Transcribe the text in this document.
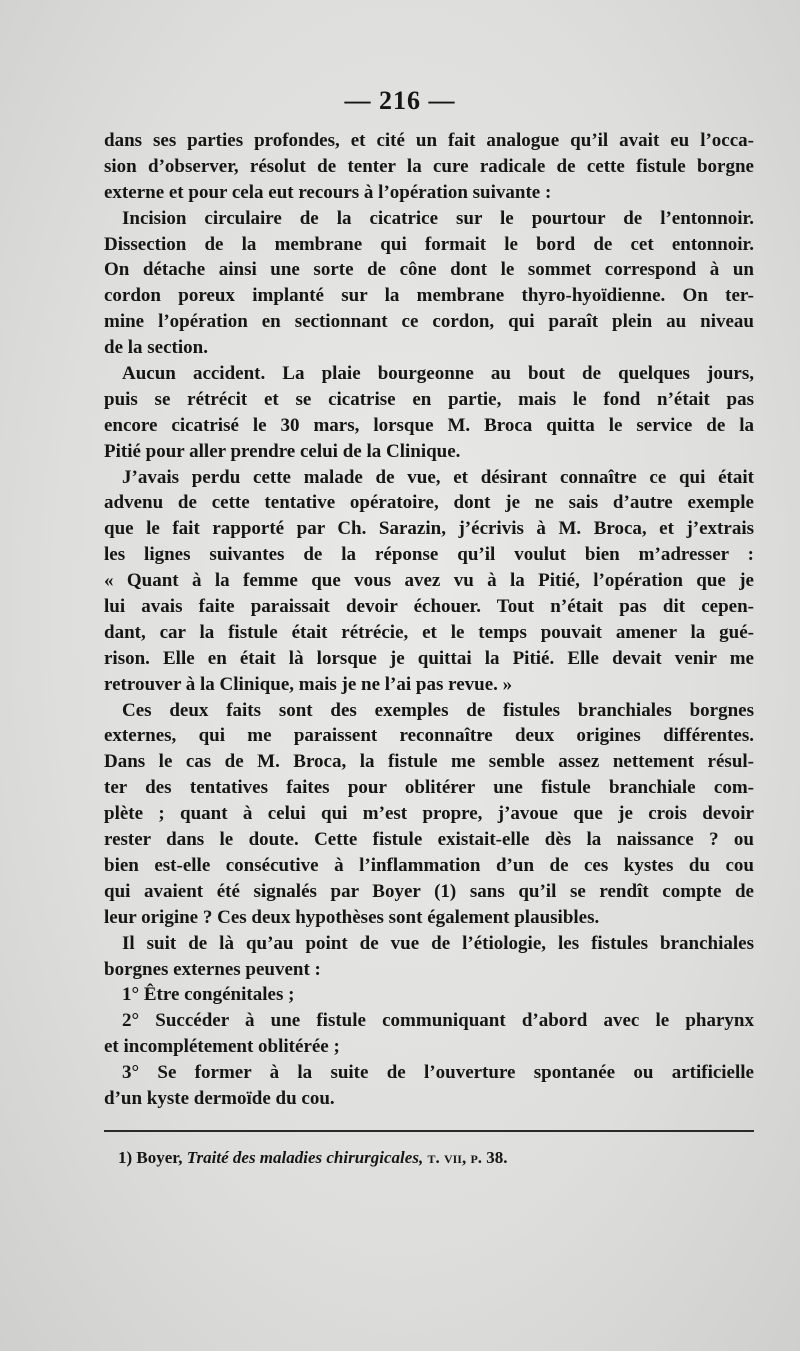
— 216 —
dans ses parties profondes, et cité un fait analogue qu’il avait eu l’occa-
sion d’observer, résolut de tenter la cure radicale de cette fistule borgne
externe et pour cela eut recours à l’opération suivante :
Incision circulaire de la cicatrice sur le pourtour de l’entonnoir.
Dissection de la membrane qui formait le bord de cet entonnoir.
On détache ainsi une sorte de cône dont le sommet correspond à un
cordon poreux implanté sur la membrane thyro-hyoïdienne. On ter-
mine l’opération en sectionnant ce cordon, qui paraît plein au niveau
de la section.
Aucun accident. La plaie bourgeonne au bout de quelques jours,
puis se rétrécit et se cicatrise en partie, mais le fond n’était pas
encore cicatrisé le 30 mars, lorsque M. Broca quitta le service de la
Pitié pour aller prendre celui de la Clinique.
J’avais perdu cette malade de vue, et désirant connaître ce qui était
advenu de cette tentative opératoire, dont je ne sais d’autre exemple
que le fait rapporté par Ch. Sarazin, j’écrivis à M. Broca, et j’extrais
les lignes suivantes de la réponse qu’il voulut bien m’adresser :
« Quant à la femme que vous avez vu à la Pitié, l’opération que je
lui avais faite paraissait devoir échouer. Tout n’était pas dit cepen-
dant, car la fistule était rétrécie, et le temps pouvait amener la gué-
rison. Elle en était là lorsque je quittai la Pitié. Elle devait venir me
retrouver à la Clinique, mais je ne l’ai pas revue. »
Ces deux faits sont des exemples de fistules branchiales borgnes
externes, qui me paraissent reconnaître deux origines différentes.
Dans le cas de M. Broca, la fistule me semble assez nettement résul-
ter des tentatives faites pour oblitérer une fistule branchiale com-
plète ; quant à celui qui m’est propre, j’avoue que je crois devoir
rester dans le doute. Cette fistule existait-elle dès la naissance ? ou
bien est-elle consécutive à l’inflammation d’un de ces kystes du cou
qui avaient été signalés par Boyer (1) sans qu’il se rendît compte de
leur origine ? Ces deux hypothèses sont également plausibles.
Il suit de là qu’au point de vue de l’étiologie, les fistules branchiales
borgnes externes peuvent :
1° Être congénitales ;
2° Succéder à une fistule communiquant d’abord avec le pharynx
et incomplétement oblitérée ;
3° Se former à la suite de l’ouverture spontanée ou artificielle
d’un kyste dermoïde du cou.
1) Boyer, Traité des maladies chirurgicales, t. vii, p. 38.
